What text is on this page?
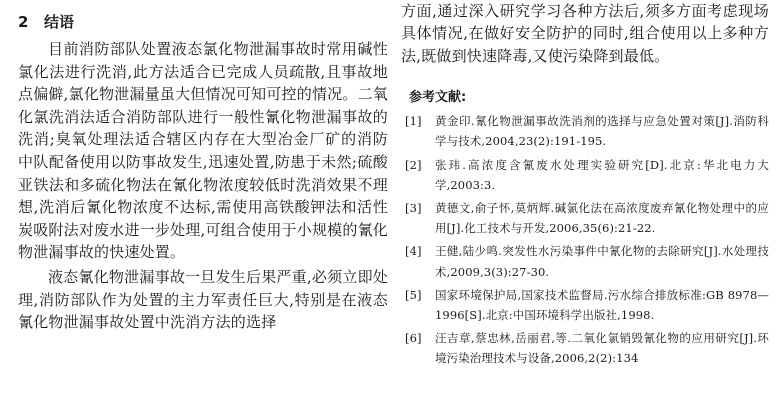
2 结语

目前消防部队处置液态氯化物泄漏事故时常用碱性氯化法进行洗消,此方法适合已完成人员疏散,且事故地点偏僻,氯化物泄漏量虽大但情况可知可控的情况。二氧化氯洗消法适合消防部队进行一般性氰化物泄漏事故的洗消;臭氧处理法适合辖区内存在大型冶金厂矿的消防中队配备使用以防事故发生,迅速处置,防患于未然;硫酸亚铁法和多硫化物法在氰化物浓度较低时洗消效果不理想,洗消后氰化物浓度不达标,需使用高铁酸钾法和活性炭吸附法对废水进一步处理,可组合使用于小规模的氰化物泄漏事故的快速处置。

液态氰化物泄漏事故一旦发生后果严重,必须立即处理,消防部队作为处置的主力军责任巨大,特别是在液态氰化物泄漏事故处置中洗消方法的选择

方面,通过深入研究学习各种方法后,须多方面考虑现场具体情况,在做好安全防护的同时,组合使用以上多种方法,既做到快速降毒,又使污染降到最低。

参考文献:
[1] 黄金印.氰化物泄漏事故洗消剂的选择与应急处置对策[J].消防科学与技术,2004,23(2):191-195.
[2] 张玮.高浓度含氰废水处理实验研究[D].北京:华北电力大学,2003:3.
[3] 黄德文,俞子怀,莫炳辉.碱氯化法在高浓度废弃氰化物处理中的应用[J].化工技术与开发,2006,35(6):21-22.
[4] 王健,陆少鸣.突发性水污染事件中氰化物的去除研究[J].水处理技术,2009,3(3):27-30.
[5] 国家环境保护局,国家技术监督局.污水综合排放标准:GB 8978—1996[S].北京:中国环境科学出版社,1998.
[6] 汪吉章,蔡忠林,岳丽君,等.二氧化氯销毁氰化物的应用研究[J].环境污染治理技术与设备,2006,2(2):134
